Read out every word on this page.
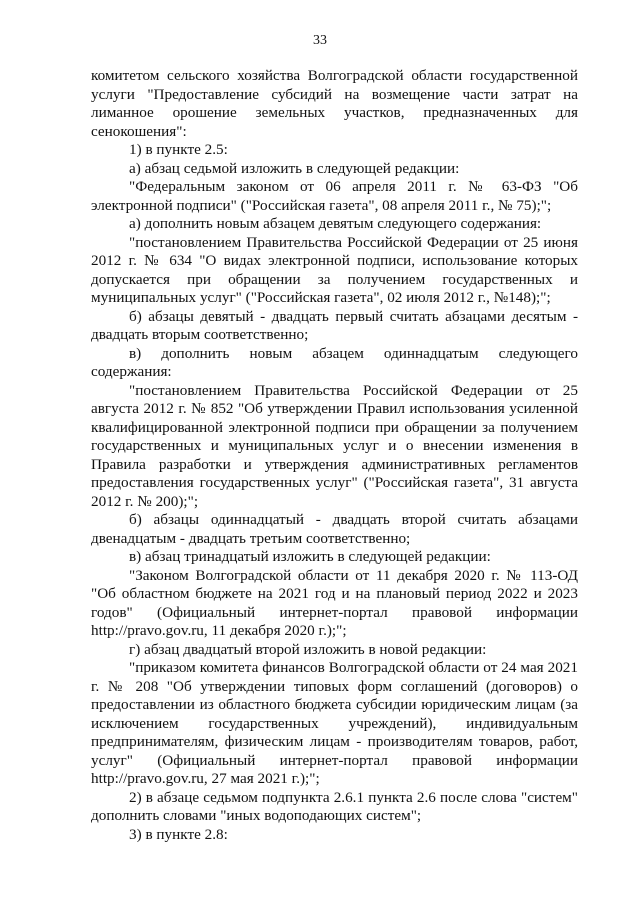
33

комитетом сельского хозяйства Волгоградской области государственной услуги "Предоставление субсидий на возмещение части затрат на лиманное орошение земельных участков, предназначенных для сенокошения":

1) в пункте 2.5:

а) абзац седьмой изложить в следующей редакции:

"Федеральным законом от 06 апреля 2011 г. № 63-ФЗ "Об электронной подписи" ("Российская газета", 08 апреля 2011 г., № 75);";

а) дополнить новым абзацем девятым следующего содержания:

"постановлением Правительства Российской Федерации от 25 июня 2012 г. № 634 "О видах электронной подписи, использование которых допускается при обращении за получением государственных и муниципальных услуг" ("Российская газета", 02 июля 2012 г., №148);";

б) абзацы девятый - двадцать первый считать абзацами десятым - двадцать вторым соответственно;

в) дополнить новым абзацем одиннадцатым следующего содержания:

"постановлением Правительства Российской Федерации от 25 августа 2012 г. № 852 "Об утверждении Правил использования усиленной квалифицированной электронной подписи при обращении за получением государственных и муниципальных услуг и о внесении изменения в Правила разработки и утверждения административных регламентов предоставления государственных услуг" ("Российская газета", 31 августа 2012 г. № 200);";

б) абзацы одиннадцатый - двадцать второй считать абзацами двенадцатым - двадцать третьим соответственно;

в) абзац тринадцатый изложить в следующей редакции:

"Законом Волгоградской области от 11 декабря 2020 г. № 113-ОД "Об областном бюджете на 2021 год и на плановый период 2022 и 2023 годов" (Официальный интернет-портал правовой информации http://pravo.gov.ru, 11 декабря 2020 г.);";

г) абзац двадцатый второй изложить в новой редакции:

"приказом комитета финансов Волгоградской области от 24 мая 2021 г. № 208 "Об утверждении типовых форм соглашений (договоров) о предоставлении из областного бюджета субсидии юридическим лицам (за исключением государственных учреждений), индивидуальным предпринимателям, физическим лицам - производителям товаров, работ, услуг" (Официальный интернет-портал правовой информации http://pravo.gov.ru, 27 мая 2021 г.);";

2) в абзаце седьмом подпункта 2.6.1 пункта 2.6 после слова "систем" дополнить словами "иных водоподающих систем";

3) в пункте 2.8:
